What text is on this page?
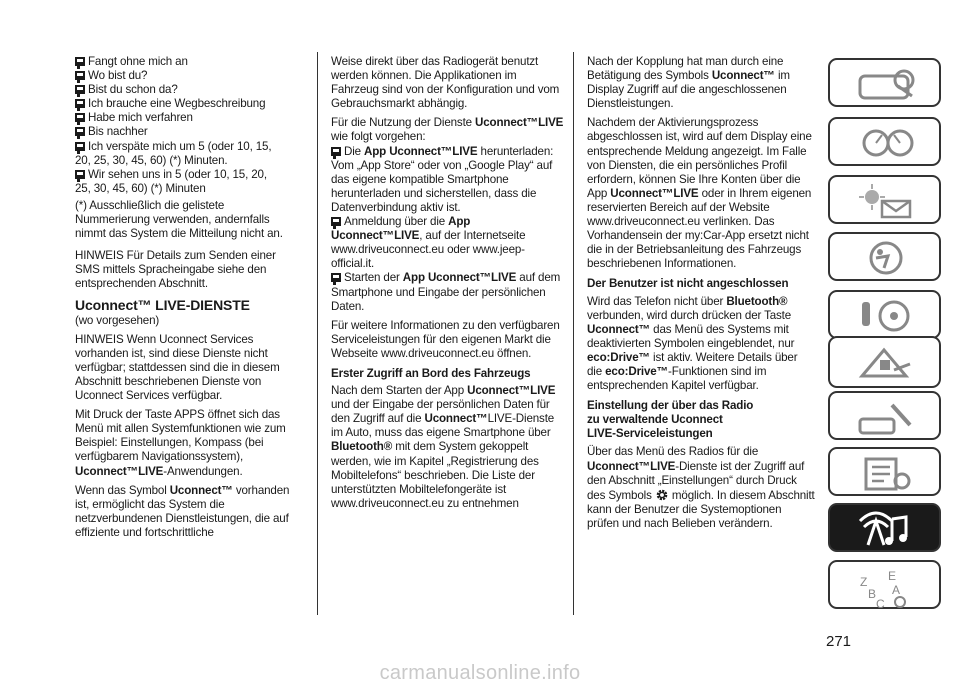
Fangt ohne mich an
Wo bist du?
Bist du schon da?
Ich brauche eine Wegbeschreibung
Habe mich verfahren
Bis nachher
Ich verspäte mich um 5 (oder 10, 15,
20, 25, 30, 45, 60) (*) Minuten.
Wir sehen uns in 5 (oder 10, 15, 20,
25, 30, 45, 60) (*) Minuten

(*) Ausschließlich die gelistete Nummerierung verwenden, andernfalls nimmt das System die Mitteilung nicht an.

HINWEIS Für Details zum Senden einer SMS mittels Spracheingabe siehe den entsprechenden Abschnitt.

Uconnect™ LIVE-DIENSTE

(wo vorgesehen)

HINWEIS Wenn Uconnect Services vorhanden ist, sind diese Dienste nicht verfügbar; stattdessen sind die in diesem Abschnitt beschriebenen Dienste von Uconnect Services verfügbar.

Mit Druck der Taste APPS öffnet sich das Menü mit allen Systemfunktionen wie zum Beispiel: Einstellungen, Kompass (bei verfügbarem Navigationssystem), Uconnect™LIVE-Anwendungen.

Wenn das Symbol Uconnect™ vorhanden ist, ermöglicht das System die netzverbundenen Dienstleistungen, die auf effiziente und fortschrittliche

Weise direkt über das Radiogerät benutzt werden können. Die Applikationen im Fahrzeug sind von der Konfiguration und vom Gebrauchsmarkt abhängig.

Für die Nutzung der Dienste Uconnect™LIVE wie folgt vorgehen:

Die App Uconnect™LIVE herunterladen: Vom „App Store“ oder von „Google Play“ auf das eigene kompatible Smartphone herunterladen und sicherstellen, dass die Datenverbindung aktiv ist.

Anmeldung über die App Uconnect™LIVE, auf der Internetseite www.driveuconnect.eu oder www.jeep-official.it.

Starten der App Uconnect™LIVE auf dem Smartphone und Eingabe der persönlichen Daten.

Für weitere Informationen zu den verfügbaren Serviceleistungen für den eigenen Markt die Webseite www.driveuconnect.eu öffnen.

Erster Zugriff an Bord des Fahrzeugs

Nach dem Starten der App Uconnect™LIVE und der Eingabe der persönlichen Daten für den Zugriff auf die Uconnect™LIVE-Dienste im Auto, muss das eigene Smartphone über Bluetooth® mit dem System gekoppelt werden, wie im Kapitel „Registrierung des Mobiltelefons“ beschrieben. Die Liste der unterstützten Mobiltelefongeräte ist www.driveuconnect.eu zu entnehmen

Nach der Kopplung hat man durch eine Betätigung des Symbols Uconnect™ im Display Zugriff auf die angeschlossenen Dienstleistungen.

Nachdem der Aktivierungsprozess abgeschlossen ist, wird auf dem Display eine entsprechende Meldung angezeigt. Im Falle von Diensten, die ein persönliches Profil erfordern, können Sie Ihre Konten über die App Uconnect™LIVE oder in Ihrem eigenen reservierten Bereich auf der Website www.driveuconnect.eu verlinken. Das Vorhandensein der my:Car-App ersetzt nicht die in der Betriebsanleitung des Fahrzeugs beschriebenen Informationen.

Der Benutzer ist nicht angeschlossen

Wird das Telefon nicht über Bluetooth® verbunden, wird durch drücken der Taste Uconnect™ das Menü des Systems mit deaktivierten Symbolen eingeblendet, nur eco:Drive™ ist aktiv. Weitere Details über die eco:Drive™-Funktionen sind im entsprechenden Kapitel verfügbar.

Einstellung der über das Radio
zu verwaltende Uconnect
LIVE-Serviceleistungen

Über das Menü des Radios für die Uconnect™LIVE-Dienste ist der Zugriff auf den Abschnitt „Einstellungen“ durch Druck des Symbols möglich. In diesem Abschnitt kann der Benutzer die Systemoptionen prüfen und nach Belieben verändern.

Z E
B A
C
271
carmanualsonline.info
